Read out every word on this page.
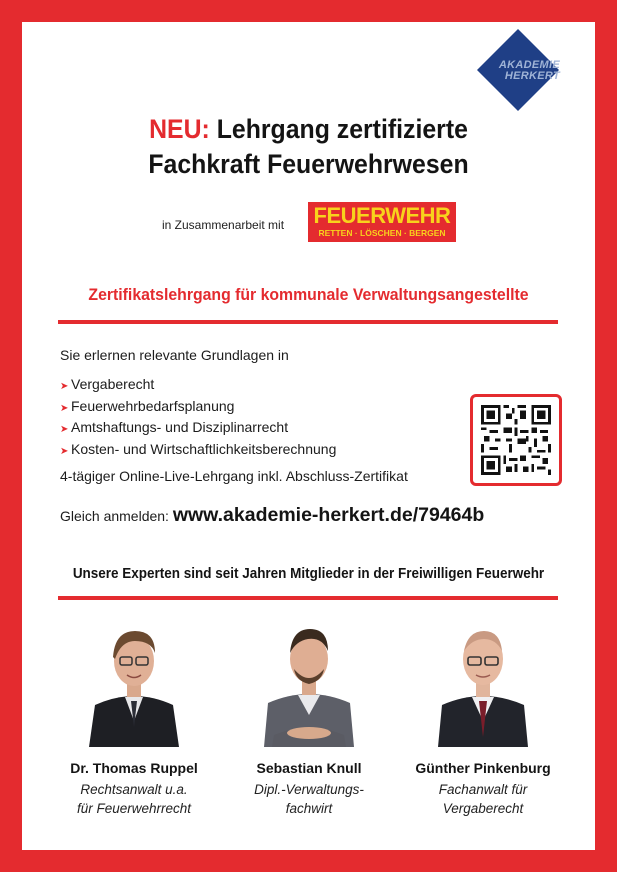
AKADEMIE
HERKERT
NEU: Lehrgang zertifizierte
Fachkraft Feuerwehrwesen
in Zusammenarbeit mit FEUERWEHR
RETTEN · LÖSCHEN · BERGEN
Zertifikatslehrgang für kommunale Verwaltungsangestellte
Sie erlernen relevante Grundlagen in
➤ Vergaberecht
➤ Feuerwehrbedarfsplanung
➤ Amtshaftungs- und Disziplinarrecht
➤ Kosten- und Wirtschaftlichkeitsberechnung
4-tägiger Online-Live-Lehrgang inkl. Abschluss-Zertifikat
Gleich anmelden: www.akademie-herkert.de/79464b
Unsere Experten sind seit Jahren Mitglieder in der Freiwilligen Feuerwehr
Dr. Thomas Ruppel
Rechtsanwalt u.a.
für Feuerwehrrecht
Sebastian Knull
Dipl.-Verwaltungs-
fachwirt
Günther Pinkenburg
Fachanwalt für
Vergaberecht
